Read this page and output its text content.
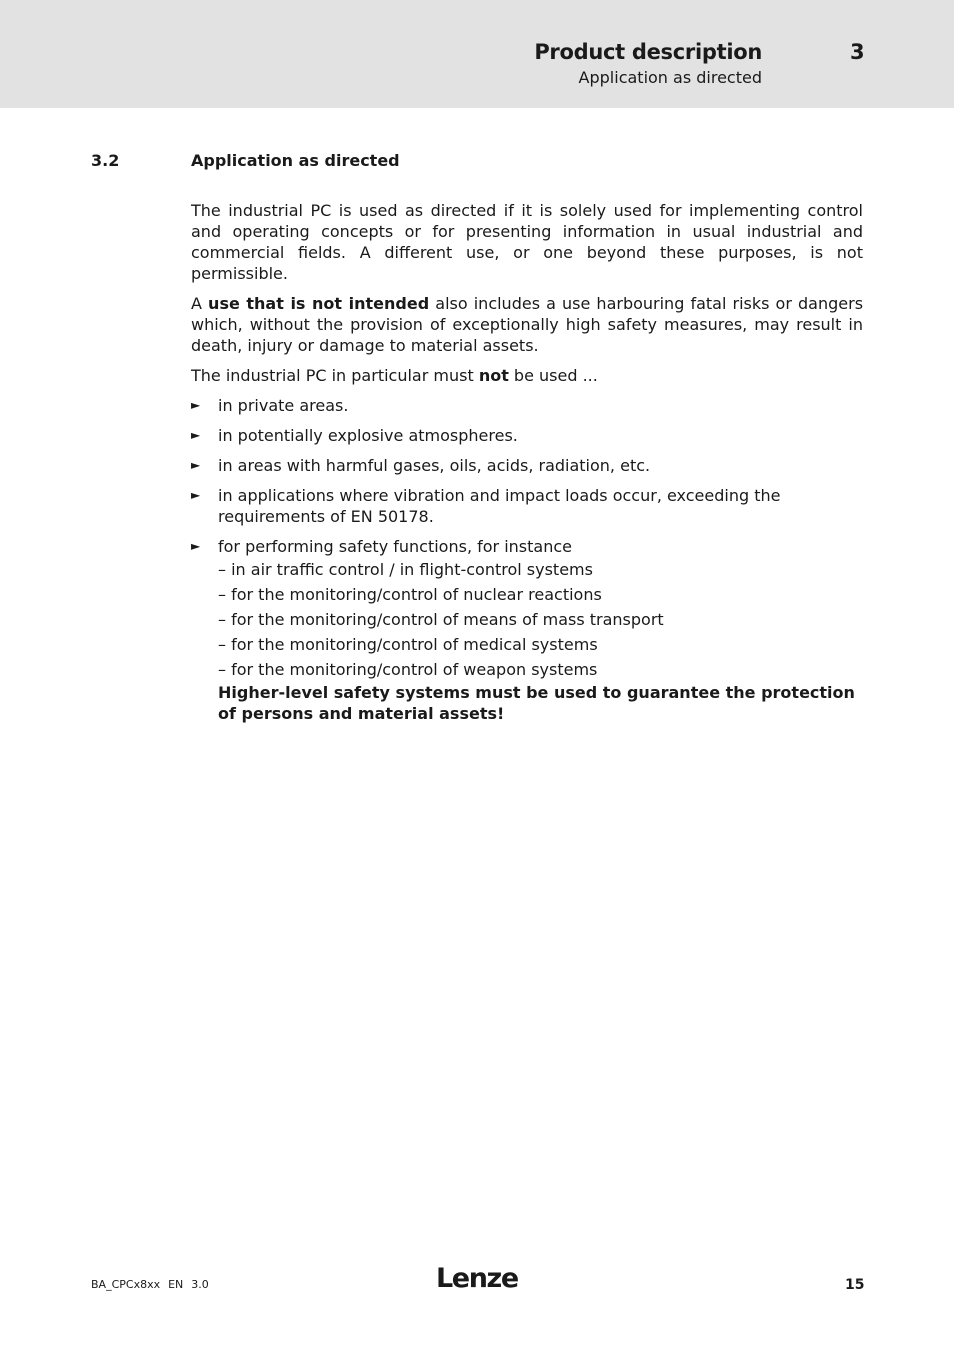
Product description	3
Application as directed
3.2	Application as directed

The industrial PC is used as directed if it is solely used for implementing control and operating concepts or for presenting information in usual industrial and commercial fields. A different use, or one beyond these purposes, is not permissible.

A use that is not intended also includes a use harbouring fatal risks or dangers which, without the provision of exceptionally high safety measures, may result in death, injury or damage to material assets.

The industrial PC in particular must not be used ...

► in private areas.
► in potentially explosive atmospheres.
► in areas with harmful gases, oils, acids, radiation, etc.
► in applications where vibration and impact loads occur, exceeding the requirements of EN 50178.
► for performing safety functions, for instance
– in air traffic control / in flight-control systems
– for the monitoring/control of nuclear reactions
– for the monitoring/control of means of mass transport
– for the monitoring/control of medical systems
– for the monitoring/control of weapon systems
Higher-level safety systems must be used to guarantee the protection of persons and material assets!
BA_CPCx8xx EN 3.0	Lenze	15
